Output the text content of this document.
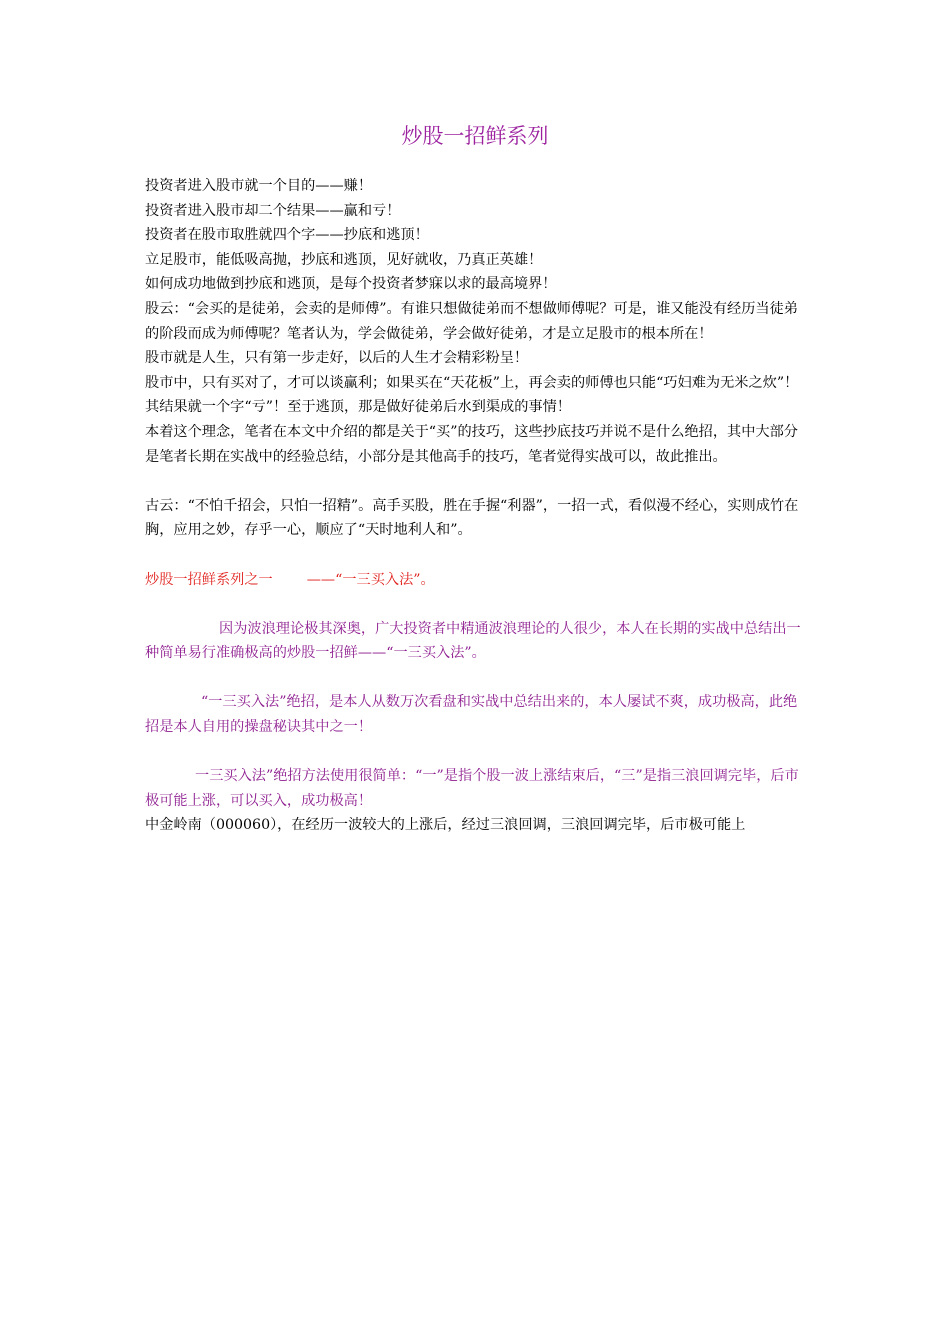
炒股一招鲜系列

投资者进入股市就一个目的——赚！

投资者进入股市却二个结果——赢和亏！

投资者在股市取胜就四个字——抄底和逃顶！

立足股市，能低吸高抛，抄底和逃顶，见好就收，乃真正英雄！

如何成功地做到抄底和逃顶，是每个投资者梦寐以求的最高境界！

股云：“会买的是徒弟，会卖的是师傅”。有谁只想做徒弟而不想做师傅呢？可是，谁又能没有经历当徒弟的阶段而成为师傅呢？笔者认为，学会做徒弟，学会做好徒弟，才是立足股市的根本所在！

股市就是人生，只有第一步走好，以后的人生才会精彩粉呈！

股市中，只有买对了，才可以谈赢利；如果买在“天花板”上，再会卖的师傅也只能“巧妇难为无米之炊”！其结果就一个字“亏”！至于逃顶，那是做好徒弟后水到渠成的事情！

本着这个理念，笔者在本文中介绍的都是关于“买”的技巧，这些抄底技巧并说不是什么绝招，其中大部分是笔者长期在实战中的经验总结，小部分是其他高手的技巧，笔者觉得实战可以，故此推出。

古云：“不怕千招会，只怕一招精”。高手买股，胜在手握“利器”，一招一式，看似漫不经心，实则成竹在胸，应用之妙，存乎一心，顺应了“天时地利人和”。

炒股一招鲜系列之一 ——“一三买入法”。

因为波浪理论极其深奥，广大投资者中精通波浪理论的人很少，本人在长期的实战中总结出一种简单易行准确极高的炒股一招鲜——“一三买入法”。

“一三买入法”绝招，是本人从数万次看盘和实战中总结出来的，本人屡试不爽，成功极高，此绝招是本人自用的操盘秘诀其中之一！

一三买入法”绝招方法使用很简单：“一”是指个股一波上涨结束后，“三”是指三浪回调完毕，后市极可能上涨，可以买入，成功极高！

中金岭南（000060），在经历一波较大的上涨后，经过三浪回调，三浪回调完毕，后市极可能上
